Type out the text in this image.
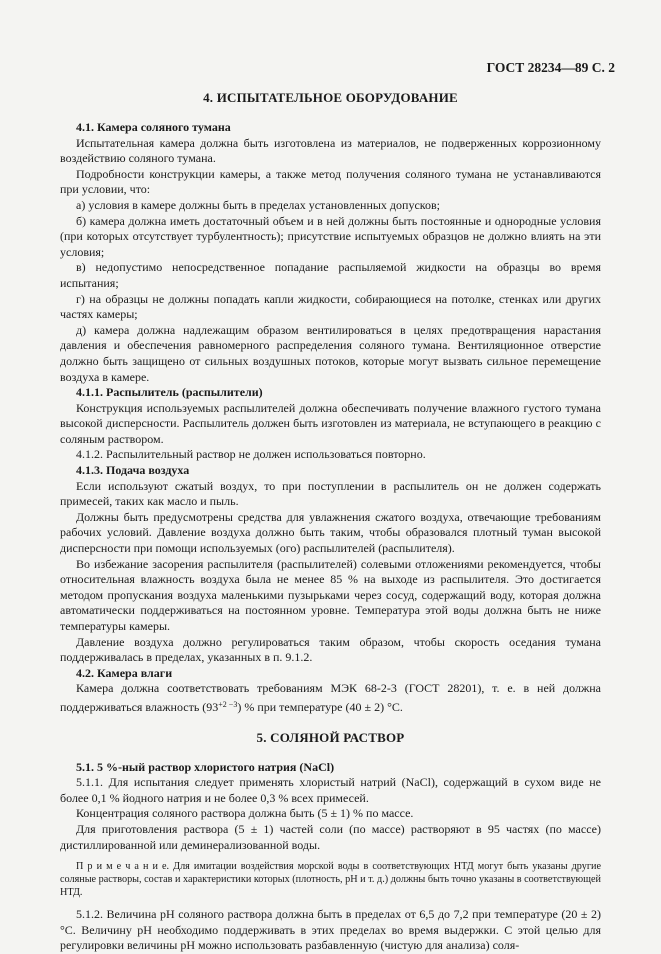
ГОСТ 28234—89 С. 2
4. ИСПЫТАТЕЛЬНОЕ ОБОРУДОВАНИЕ

4.1. Камера соляного тумана

Испытательная камера должна быть изготовлена из материалов, не подверженных коррозионному воздействию соляного тумана.

Подробности конструкции камеры, а также метод получения соляного тумана не устанавливаются при условии, что:

а) условия в камере должны быть в пределах установленных допусков;

б) камера должна иметь достаточный объем и в ней должны быть постоянные и однородные условия (при которых отсутствует турбулентность); присутствие испытуемых образцов не должно влиять на эти условия;

в) недопустимо непосредственное попадание распыляемой жидкости на образцы во время испытания;

г) на образцы не должны попадать капли жидкости, собирающиеся на потолке, стенках или других частях камеры;

д) камера должна надлежащим образом вентилироваться в целях предотвращения нарастания давления и обеспечения равномерного распределения соляного тумана. Вентиляционное отверстие должно быть защищено от сильных воздушных потоков, которые могут вызвать сильное перемещение воздуха в камере.

4.1.1. Распылитель (распылители)

Конструкция используемых распылителей должна обеспечивать получение влажного густого тумана высокой дисперсности. Распылитель должен быть изготовлен из материала, не вступающего в реакцию с соляным раствором.

4.1.2. Распылительный раствор не должен использоваться повторно.

4.1.3. Подача воздуха

Если используют сжатый воздух, то при поступлении в распылитель он не должен содержать примесей, таких как масло и пыль.

Должны быть предусмотрены средства для увлажнения сжатого воздуха, отвечающие требованиям рабочих условий. Давление воздуха должно быть таким, чтобы образовался плотный туман высокой дисперсности при помощи используемых (ого) распылителей (распылителя).

Во избежание засорения распылителя (распылителей) солевыми отложениями рекомендуется, чтобы относительная влажность воздуха была не менее 85 % на выходе из распылителя. Это достигается методом пропускания воздуха маленькими пузырьками через сосуд, содержащий воду, которая должна автоматически поддерживаться на постоянном уровне. Температура этой воды должна быть не ниже температуры камеры.

Давление воздуха должно регулироваться таким образом, чтобы скорость оседания тумана поддерживалась в пределах, указанных в п. 9.1.2.

4.2. Камера влаги

Камера должна соответствовать требованиям МЭК 68-2-3 (ГОСТ 28201), т. е. в ней должна поддерживаться влажность $(93^{+2 -3})$ % при температуре (40 ± 2) °С.

5. СОЛЯНОЙ РАСТВОР

5.1. 5 %-ный раствор хлористого натрия (NaCl)

5.1.1. Для испытания следует применять хлористый натрий (NaCl), содержащий в сухом виде не более 0,1 % йодного натрия и не более 0,3 % всех примесей.

Концентрация соляного раствора должна быть (5 ± 1) % по массе.

Для приготовления раствора (5 ± 1) частей соли (по массе) растворяют в 95 частях (по массе) дистиллированной или деминерализованной воды.

П р и м е ч а н и е. Для имитации воздействия морской воды в соответствующих НТД могут быть указаны другие соляные растворы, состав и характеристики которых (плотность, рН и т. д.) должны быть точно указаны в соответствующей НТД.

5.1.2. Величина рН соляного раствора должна быть в пределах от 6,5 до 7,2 при температуре (20 ± 2) °С. Величину рН необходимо поддерживать в этих пределах во время выдержки. С этой целью для регулировки величины рН можно использовать разбавленную (чистую для анализа) соля-
